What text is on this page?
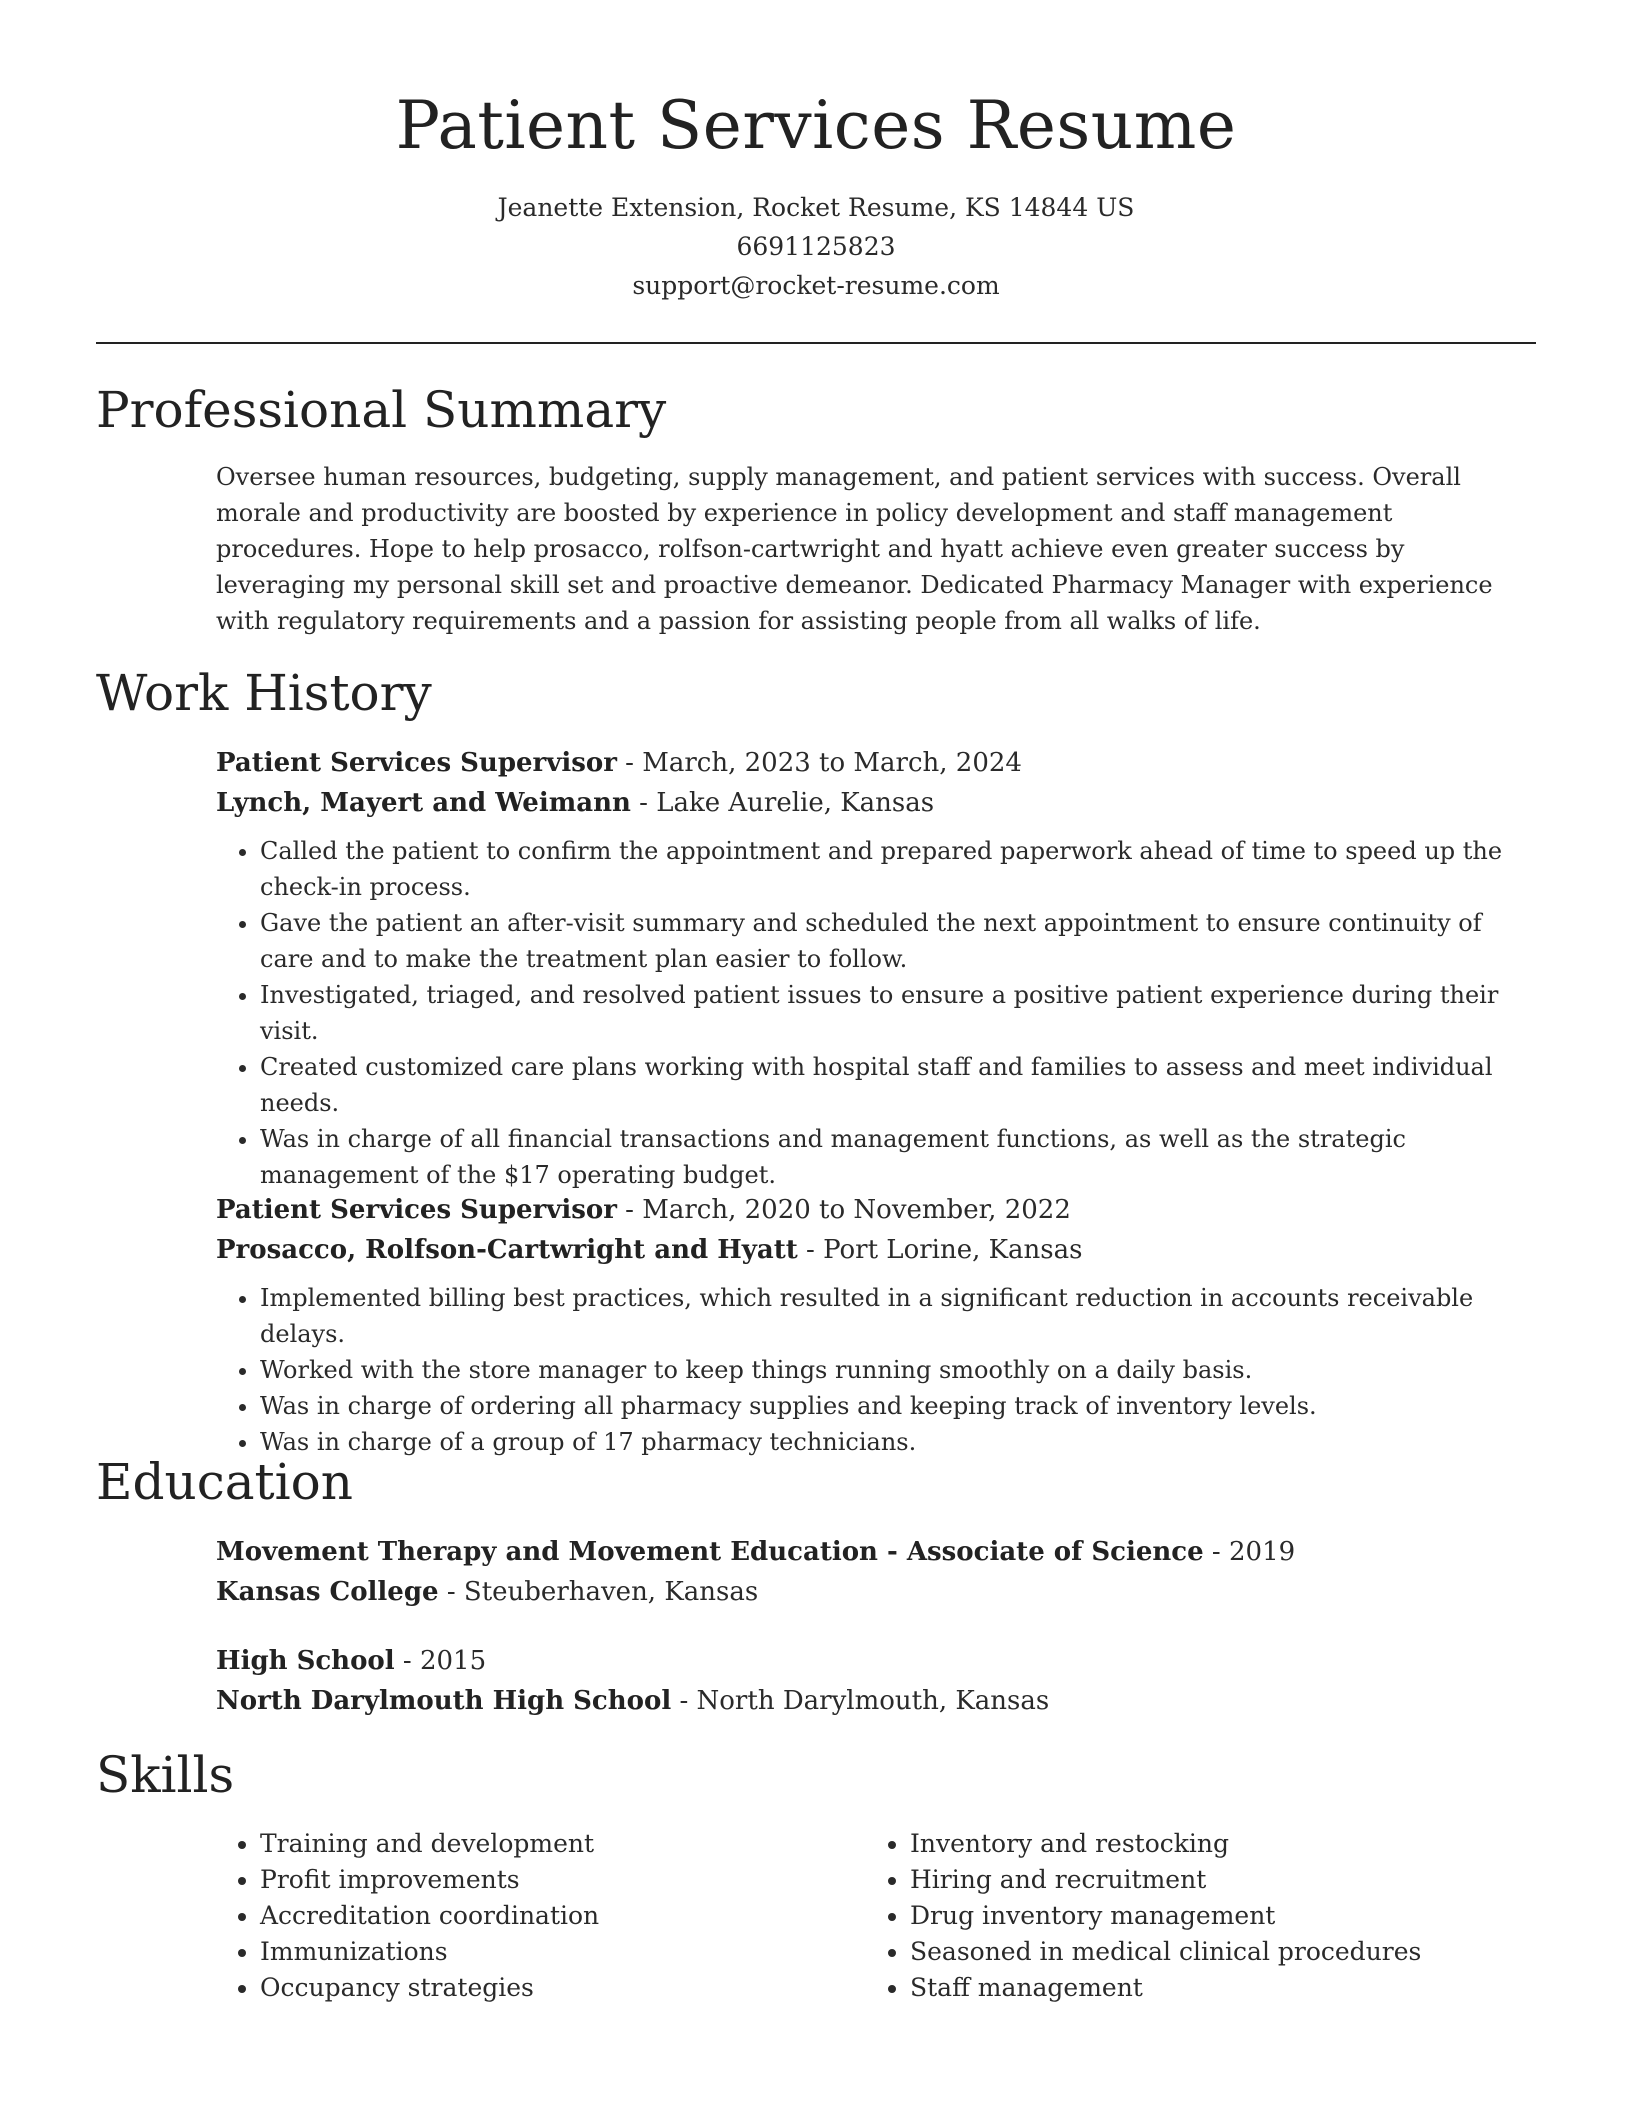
Patient Services Resume
Jeanette Extension, Rocket Resume, KS 14844 US
6691125823
support@rocket-resume.com
Professional Summary

Oversee human resources, budgeting, supply management, and patient services with success. Overall morale and productivity are boosted by experience in policy development and staff management procedures. Hope to help prosacco, rolfson-cartwright and hyatt achieve even greater success by leveraging my personal skill set and proactive demeanor. Dedicated Pharmacy Manager with experience with regulatory requirements and a passion for assisting people from all walks of life.

Work History
Patient Services Supervisor - March, 2023 to March, 2024
Lynch, Mayert and Weimann - Lake Aurelie, Kansas
• Called the patient to confirm the appointment and prepared paperwork ahead of time to speed up the check-in process.
• Gave the patient an after-visit summary and scheduled the next appointment to ensure continuity of care and to make the treatment plan easier to follow.
• Investigated, triaged, and resolved patient issues to ensure a positive patient experience during their visit.
• Created customized care plans working with hospital staff and families to assess and meet individual needs.
• Was in charge of all financial transactions and management functions, as well as the strategic management of the $17 operating budget.
Patient Services Supervisor - March, 2020 to November, 2022
Prosacco, Rolfson-Cartwright and Hyatt - Port Lorine, Kansas
• Implemented billing best practices, which resulted in a significant reduction in accounts receivable delays.
• Worked with the store manager to keep things running smoothly on a daily basis.
• Was in charge of ordering all pharmacy supplies and keeping track of inventory levels.
• Was in charge of a group of 17 pharmacy technicians.
Education
Movement Therapy and Movement Education - Associate of Science - 2019
Kansas College - Steuberhaven, Kansas
High School - 2015
North Darylmouth High School - North Darylmouth, Kansas
Skills
• Training and development
• Profit improvements
• Accreditation coordination
• Immunizations
• Occupancy strategies
• Inventory and restocking
• Hiring and recruitment
• Drug inventory management
• Seasoned in medical clinical procedures
• Staff management
